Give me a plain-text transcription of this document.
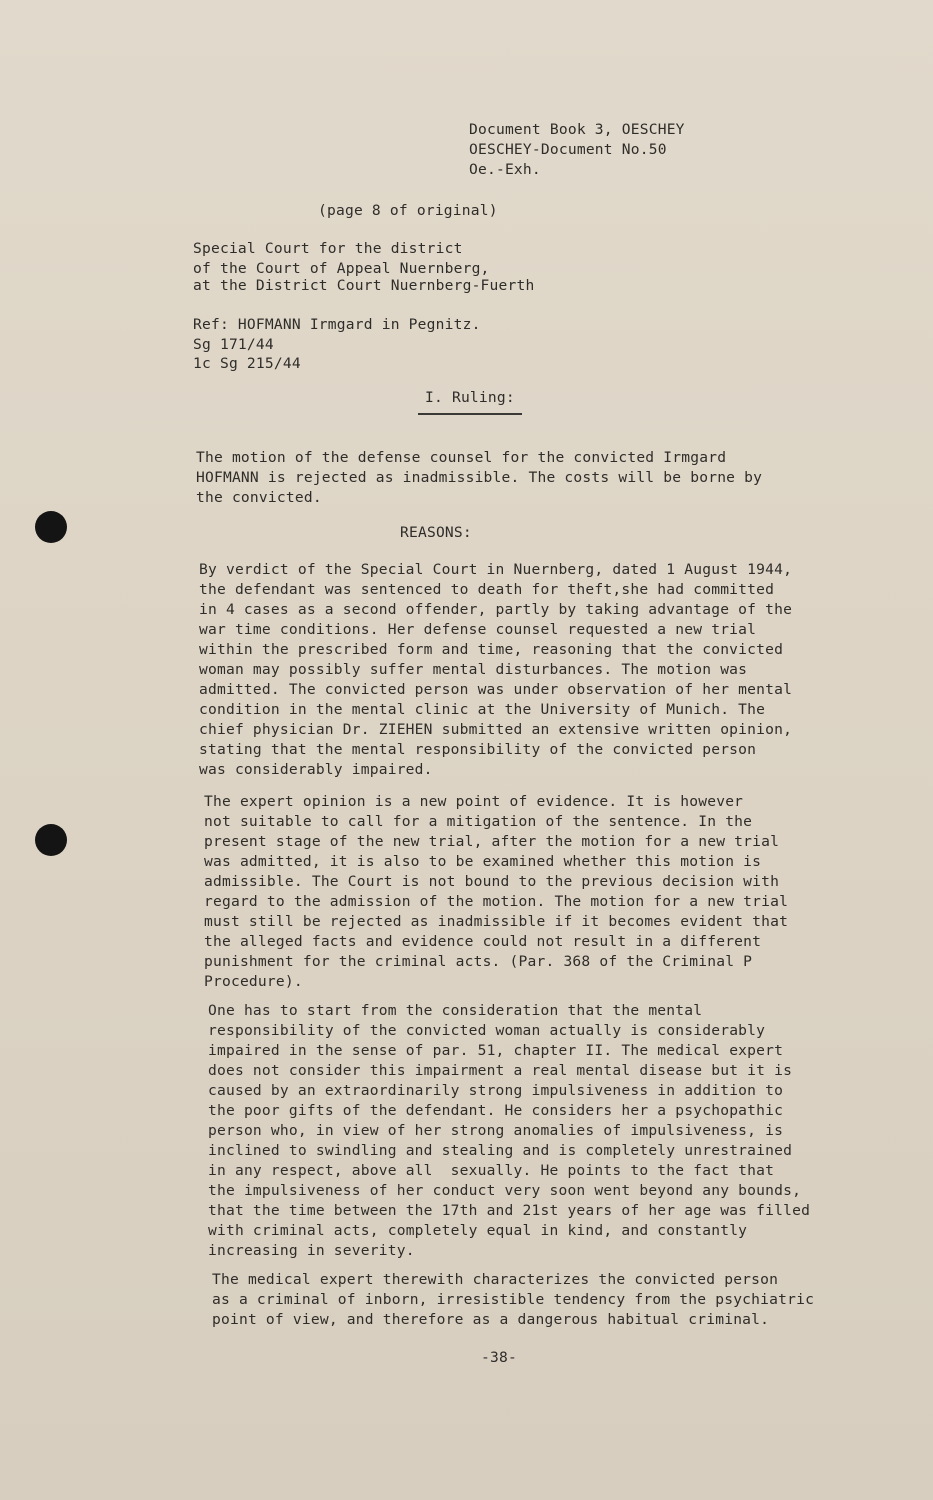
Document Book 3, OESCHEY
OESCHEY-Document No.50
Oe.-Exh.
(page 8 of original)
Special Court for the district
of the Court of Appeal Nuernberg,
at the District Court Nuernberg-Fuerth
Ref: HOFMANN Irmgard in Pegnitz.
Sg 171/44
1c Sg 215/44
I. Ruling:

The motion of the defense counsel for the convicted Irmgard

HOFMANN is rejected as inadmissible. The costs will be borne by

the convicted.

REASONS:

By verdict of the Special Court in Nuernberg, dated 1 August 1944,

the defendant was sentenced to death for theft,she had committed

in 4 cases as a second offender, partly by taking advantage of the

war time conditions. Her defense counsel requested a new trial

within the prescribed form and time, reasoning that the convicted

woman may possibly suffer mental disturbances. The motion was

admitted. The convicted person was under observation of her mental

condition in the mental clinic at the University of Munich. The

chief physician Dr. ZIEHEN submitted an extensive written opinion,

stating that the mental responsibility of the convicted person

was considerably impaired.

The expert opinion is a new point of evidence. It is however

not suitable to call for a mitigation of the sentence. In the

present stage of the new trial, after the motion for a new trial

was admitted, it is also to be examined whether this motion is

admissible. The Court is not bound to the previous decision with

regard to the admission of the motion. The motion for a new trial

must still be rejected as inadmissible if it becomes evident that

the alleged facts and evidence could not result in a different

punishment for the criminal acts. (Par. 368 of the Criminal P

Procedure).

One has to start from the consideration that the mental

responsibility of the convicted woman actually is considerably

impaired in the sense of par. 51, chapter II. The medical expert

does not consider this impairment a real mental disease but it is

caused by an extraordinarily strong impulsiveness in addition to

the poor gifts of the defendant. He considers her a psychopathic

person who, in view of her strong anomalies of impulsiveness, is

inclined to swindling and stealing and is completely unrestrained

in any respect, above all  sexually. He points to the fact that

the impulsiveness of her conduct very soon went beyond any bounds,

that the time between the 17th and 21st years of her age was filled

with criminal acts, completely equal in kind, and constantly

increasing in severity.

The medical expert therewith characterizes the convicted person

as a criminal of inborn, irresistible tendency from the psychiatric

point of view, and therefore as a dangerous habitual criminal.

-38-
